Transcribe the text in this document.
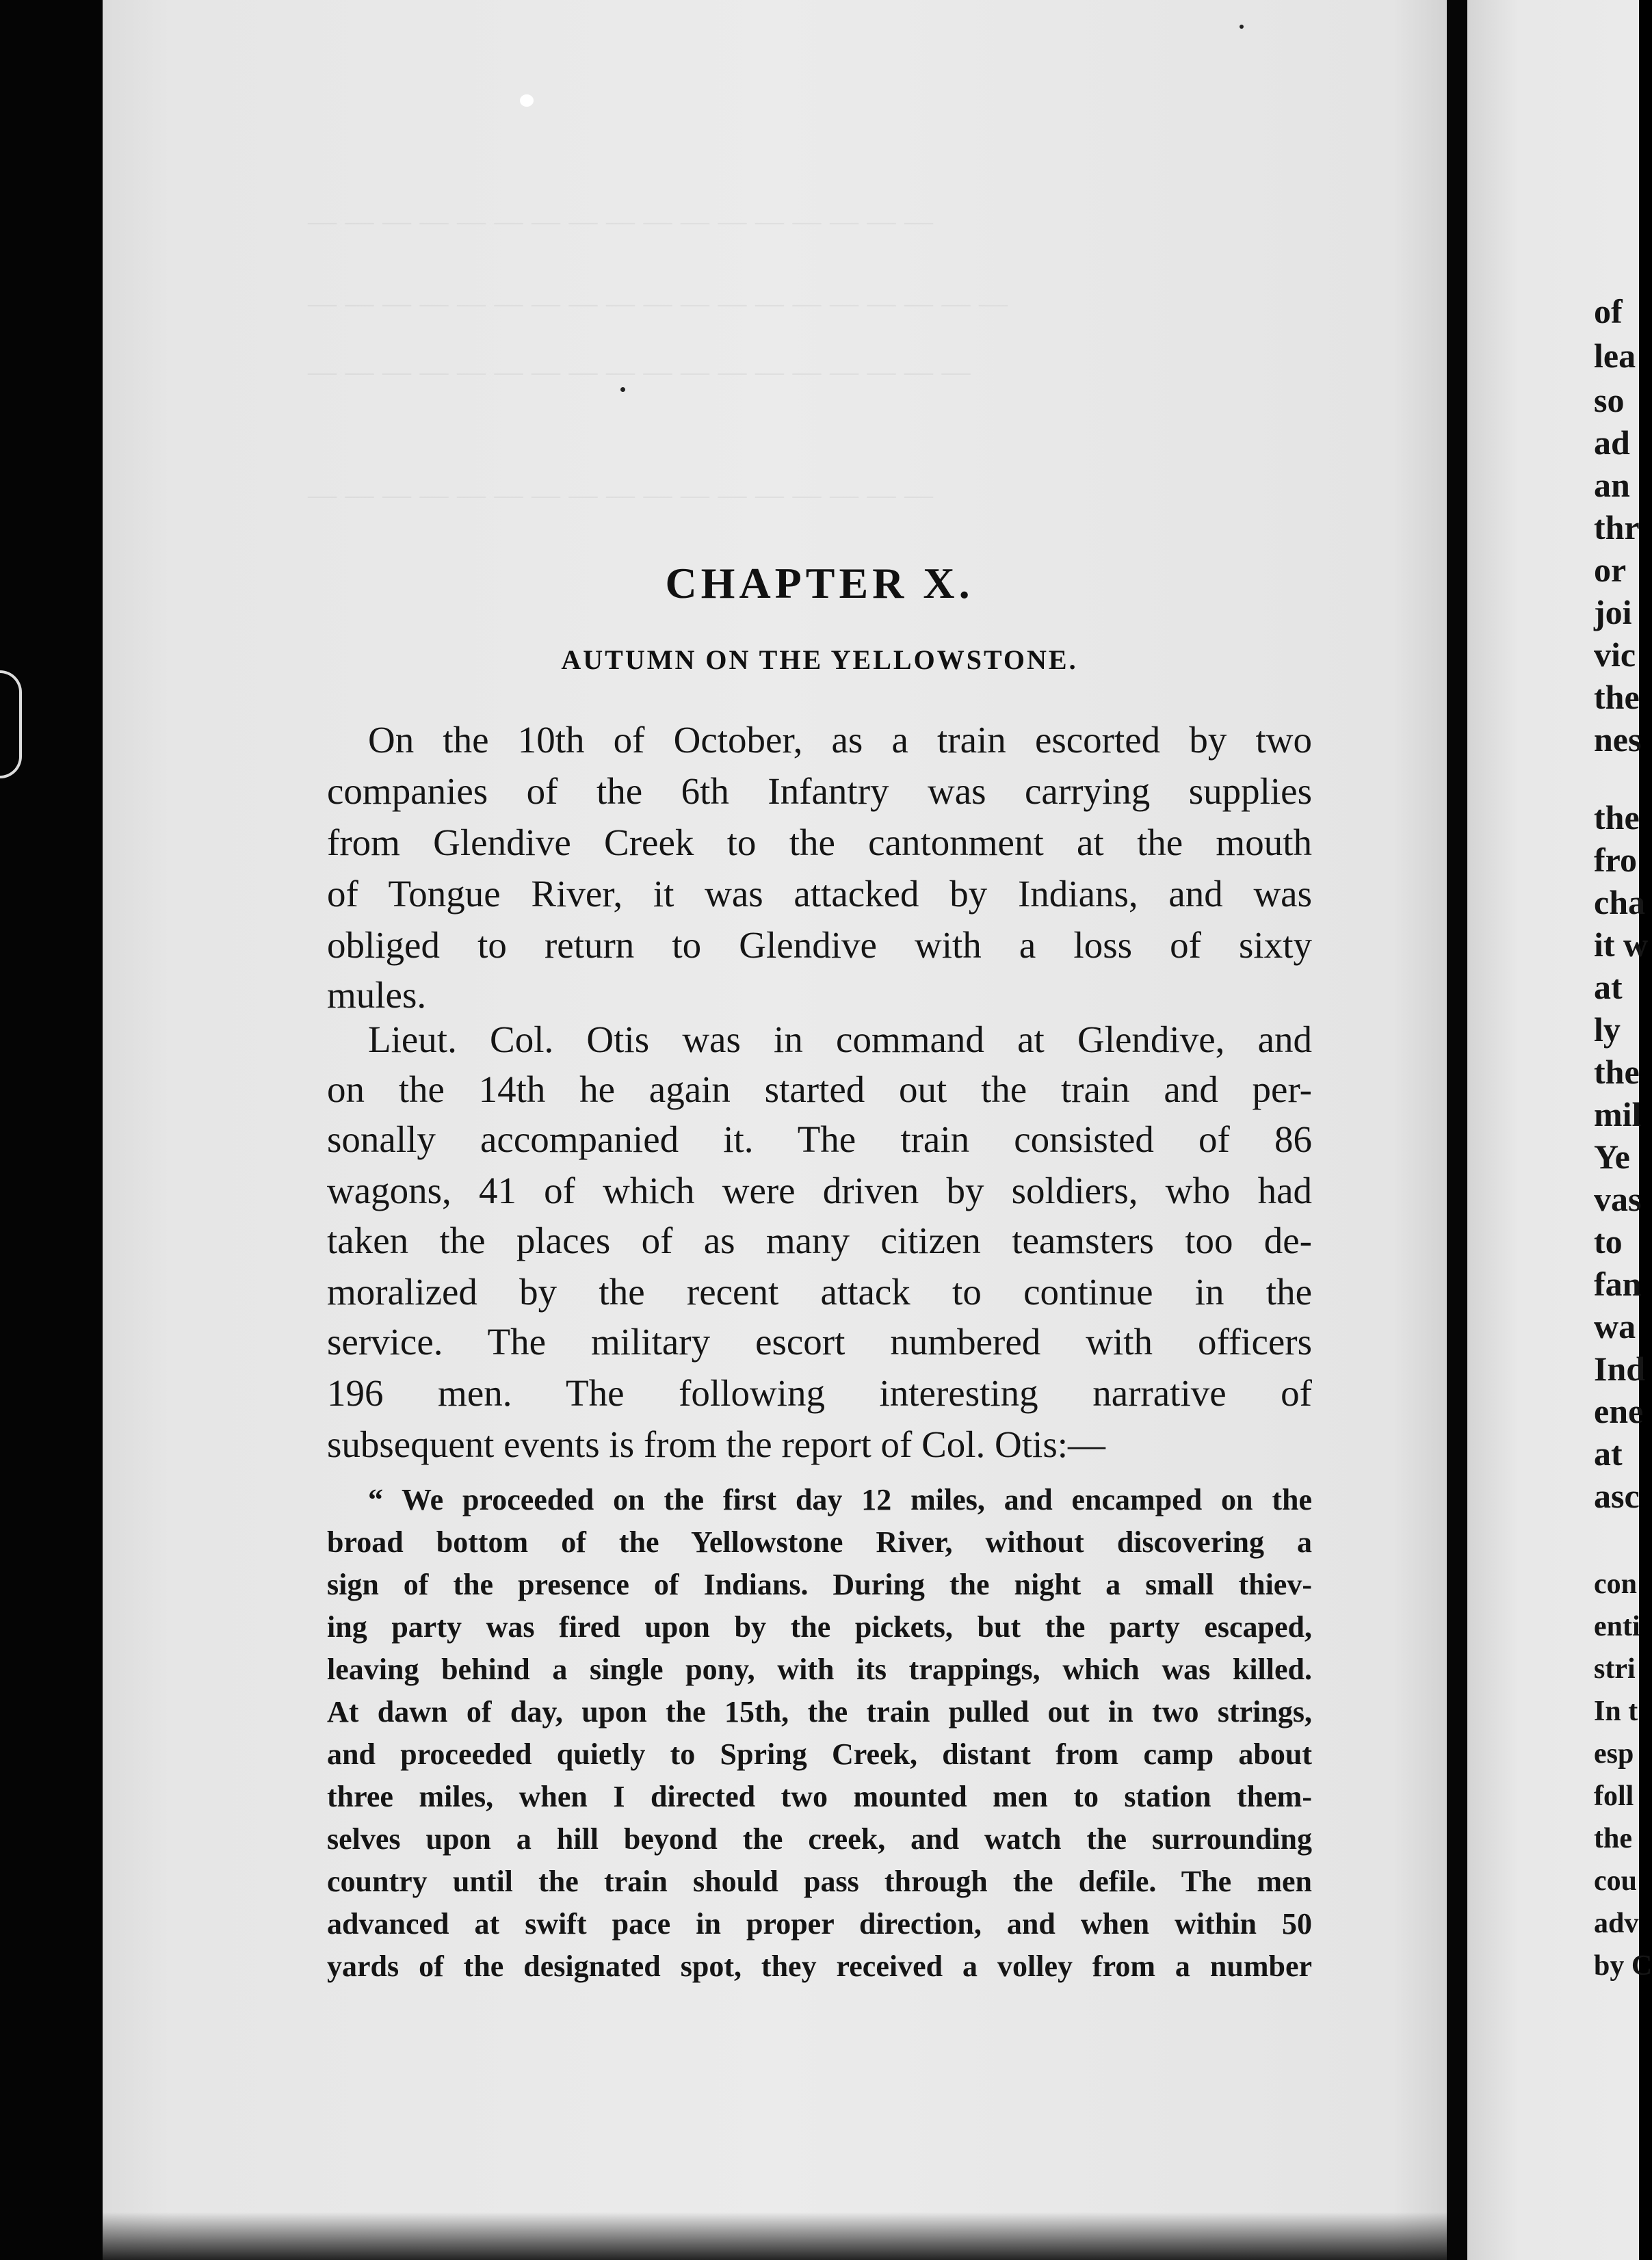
CHAPTER X.
AUTUMN ON THE YELLOWSTONE.
On the 10th of October, as a train escorted by two
companies of the 6th Infantry was carrying supplies
from Glendive Creek to the cantonment at the mouth
of Tongue River, it was attacked by Indians, and was
obliged to return to Glendive with a loss of sixty
mules.
Lieut. Col. Otis was in command at Glendive, and
on the 14th he again started out the train and per-
sonally accompanied it. The train consisted of 86
wagons, 41 of which were driven by soldiers, who had
taken the places of as many citizen teamsters too de-
moralized by the recent attack to continue in the
service. The military escort numbered with officers
196 men. The following interesting narrative of
subsequent events is from the report of Col. Otis:—
“ We proceeded on the first day 12 miles, and encamped on the
broad bottom of the Yellowstone River, without discovering a
sign of the presence of Indians. During the night a small thiev-
ing party was fired upon by the pickets, but the party escaped,
leaving behind a single pony, with its trappings, which was killed.
At dawn of day, upon the 15th, the train pulled out in two strings,
and proceeded quietly to Spring Creek, distant from camp about
three miles, when I directed two mounted men to station them-
selves upon a hill beyond the creek, and watch the surrounding
country until the train should pass through the defile. The men
advanced at swift pace in proper direction, and when within 50
yards of the designated spot, they received a volley from a number
of
lea
so
ad
an
thr
or
joi
vic
the
nes
the
fro
cha
it w
at
ly
the
mil
Ye
vas
to
fan
wa
Ind
ene
at
asc
con
enti
stri
In t
esp
foll
the
cou
adv
by C
